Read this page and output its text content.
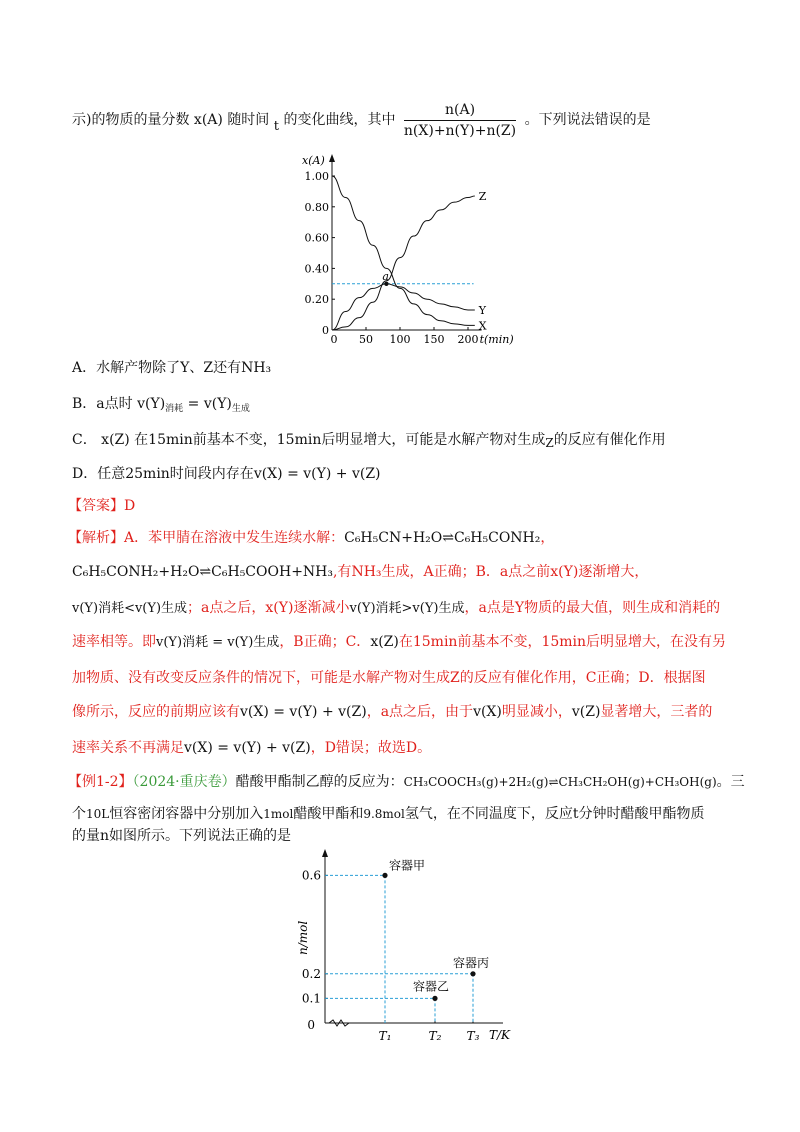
示)的物质的量分数 x(A) 随时间 t 的变化曲线，其中 $\frac{n(A)}{n(X)+n(Y)+n(Z)}$ 。下列说法错误的是
x(A)
t(min)
0
0.20
0.40
0.60
0.80
1.00
0 50 100 150 200
X
Y
Z
a
A．水解产物除了Y、Z还有NH₃
B．a点时 $v(Y)_{消耗} = v(Y)_{生成}$
C． x(Z) 在15min前基本不变，15min后明显增大，可能是水解产物对生成Z的反应有催化作用
D．任意25min时间段内存在v(X) = v(Y) + v(Z)
【答案】D
【解析】A．苯甲腈在溶液中发生连续水解：C₆H₅CN+H₂O⇌C₆H₅CONH₂，
C₆H₅CONH₂+H₂O⇌C₆H₅COOH+NH₃,有NH₃生成，A正确；B．a点之前x(Y)逐渐增大，
v(Y)消耗<v(Y)生成；a点之后，x(Y)逐渐减小v(Y)消耗>v(Y)生成，a点是Y物质的最大值，则生成和消耗的
速率相等。即v(Y)消耗 = v(Y)生成，B正确；C．x(Z)在15min前基本不变，15min后明显增大，在没有另
加物质、没有改变反应条件的情况下，可能是水解产物对生成Z的反应有催化作用，C正确；D．根据图
像所示，反应的前期应该有v(X) = v(Y) + v(Z)，a点之后，由于v(X)明显减小，v(Z)显著增大，三者的
速率关系不再满足v(X) = v(Y) + v(Z)，D错误；故选D。
【例1-2】（2024·重庆卷）醋酸甲酯制乙醇的反应为：CH₃COOCH₃(g)+2H₂(g)⇌CH₃CH₂OH(g)+CH₃OH(g)。三
个10L恒容密闭容器中分别加入1mol醋酸甲酯和9.8mol氢气，在不同温度下，反应t分钟时醋酸甲酯物质
的量n如图所示。下列说法正确的是
0
n/mol
T/K
0.1
0.2
0.6
T₁	T₂ T₃
容器甲
容器乙
容器丙
